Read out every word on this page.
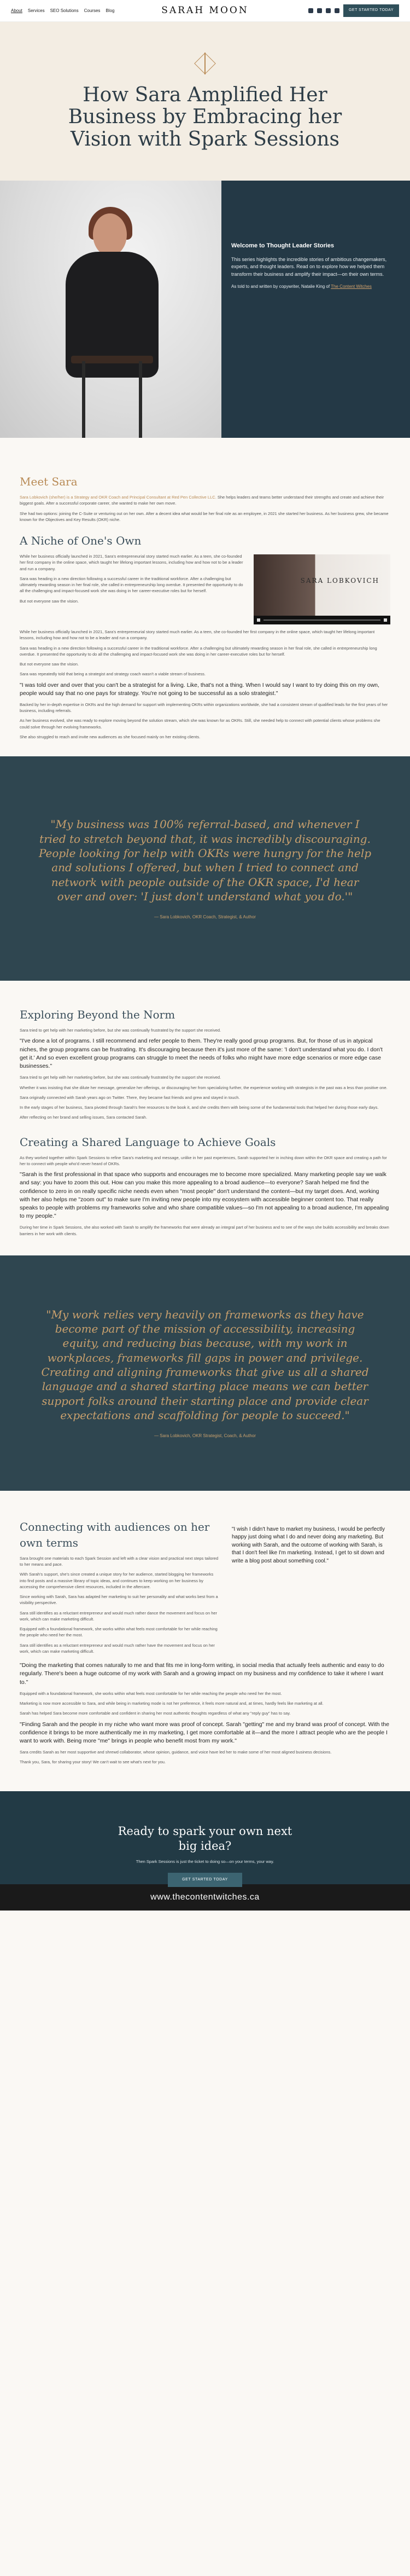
About Services SEO Solutions Courses Blog	SARAH MOON	GET STARTED TODAY
How Sara Amplified Her Business by Embracing her Vision with Spark Sessions
Welcome to Thought Leader Stories

This series highlights the incredible stories of ambitious changemakers, experts, and thought leaders. Read on to explore how we helped them transform their business and amplify their impact—on their own terms.

As told to and written by copywriter, Natalie King of The Content Witches

Meet Sara

Sara Lobkovich (she/her) is a Strategy and OKR Coach and Principal Consultant at Red Pen Collective LLC. She helps leaders and teams better understand their strengths and create and achieve their biggest goals. After a successful corporate career, she wanted to make her own move.

She had two options: joining the C-Suite or venturing out on her own. After a decent idea what would be her final role as an employee, in 2021 she started her business. As her business grew, she became known for the Objectives and Key Results (OKR) niche.

A Niche of One's Own

While her business officially launched in 2021, Sara's entrepreneurial story started much earlier. As a teen, she co-founded her first company in the online space, which taught her lifelong important lessons, including how and how not to be a leader and run a company.

Sara was heading in a new direction following a successful career in the traditional workforce. After a challenging but ultimately rewarding season in her final role, she called in entrepreneurship long overdue. It presented the opportunity to do all the challenging and impact-focused work she was doing in her career-executive roles but for herself.

But not everyone saw the vision.

SARA LOBKOVICH

While her business officially launched in 2021, Sara's entrepreneurial story started much earlier. As a teen, she co-founded her first company in the online space, which taught her lifelong important lessons, including how and how not to be a leader and run a company.

Sara was heading in a new direction following a successful career in the traditional workforce. After a challenging but ultimately rewarding season in her final role, she called in entrepreneurship long overdue. It presented the opportunity to do all the challenging and impact-focused work she was doing in her career-executive roles but for herself.

But not everyone saw the vision.

Sara was repeatedly told that being a strategist and strategy coach wasn't a viable stream of business.

"I was told over and over that you can't be a strategist for a living. Like, that's not a thing. When I would say I want to try doing this on my own, people would say that no one pays for strategy. You're not going to be successful as a solo strategist."

Backed by her in-depth expertise in OKRs and the high demand for support with implementing OKRs within organizations worldwide, she had a consistent stream of qualified leads for the first years of her business, including referrals.

As her business evolved, she was ready to explore moving beyond the solution stream, which she was known for as OKRs. Still, she needed help to connect with potential clients whose problems she could solve through her evolving frameworks.

She also struggled to reach and invite new audiences as she focused mainly on her existing clients.

"My business was 100% referral-based, and whenever I tried to stretch beyond that, it was incredibly discouraging. People looking for help with OKRs were hungry for the help and solutions I offered, but when I tried to connect and network with people outside of the OKR space, I'd hear over and over: 'I just don't understand what you do.'"

— Sara Lobkovich, OKR Coach, Strategist, & Author

Exploring Beyond the Norm

Sara tried to get help with her marketing before, but she was continually frustrated by the support she received.

"I've done a lot of programs. I still recommend and refer people to them. They're really good group programs. But, for those of us in atypical niches, the group programs can be frustrating. It's discouraging because then it's just more of the same: 'I don't understand what you do. I don't get it.' And so even excellent group programs can struggle to meet the needs of folks who might have more edge scenarios or more edge case businesses."

Sara tried to get help with her marketing before, but she was continually frustrated by the support she received.

Whether it was insisting that she dilute her message, generalize her offerings, or discouraging her from specializing further, the experience working with strategists in the past was a less than positive one.

Sara originally connected with Sarah years ago on Twitter. There, they became fast friends and grew and stayed in touch.

In the early stages of her business, Sara pivoted through Sarah's free resources to the book it, and she credits them with being some of the fundamental tools that helped her during those early days.

After reflecting on her brand and selling issues, Sara contacted Sarah.

Creating a Shared Language to Achieve Goals

As they worked together within Spark Sessions to refine Sara's marketing and message, unlike in her past experiences, Sarah supported her in inching down within the OKR space and creating a path for her to connect with people who'd never heard of OKRs.

"Sarah is the first professional in that space who supports and encourages me to become more specialized. Many marketing people say we walk and say: you have to zoom this out. How can you make this more appealing to a broad audience—to everyone? Sarah helped me find the confidence to zero in on really specific niche needs even when "most people" don't understand the content—but my target does. And, working with her also helps me "zoom out" to make sure I'm inviting new people into my ecosystem with accessible beginner content too. That really speaks to people with problems my frameworks solve and who share compatible values—so I'm not appealing to a broad audience, I'm appealing to my people."

During her time in Spark Sessions, she also worked with Sarah to amplify the frameworks that were already an integral part of her business and to see of the ways she builds accessibility and breaks down barriers in her work with clients.

"My work relies very heavily on frameworks as they have become part of the mission of accessibility, increasing equity, and reducing bias because, with my work in workplaces, frameworks fill gaps in power and privilege. Creating and aligning frameworks that give us all a shared language and a shared starting place means we can better support folks around their starting place and provide clear expectations and scaffolding for people to succeed."

— Sara Lobkovich, OKR Strategist, Coach, & Author

Connecting with audiences on her own terms

Sara brought one materials to each Spark Session and left with a clear vision and practical next steps tailored to her means and pace.

With Sarah's support, she's since created a unique story for her audience, started blogging her frameworks into find posts and a massive library of topic ideas, and continues to keep working on her business by accessing the comprehensive client resources, included in the aftercare.

Since working with Sarah, Sara has adapted her marketing to suit her personality and what works best from a visibility perspective.

Sara still identifies as a reluctant entrepreneur and would much rather dance the movement and focus on her work, which can make marketing difficult.

Equipped with a foundational framework, she works within what feels most comfortable for her while reaching the people who need her the most.

Sara still identifies as a reluctant entrepreneur and would much rather have the movement and focus on her work, which can make marketing difficult.

"I wish I didn't have to market my business, I would be perfectly happy just doing what I do and never doing any marketing. But working with Sarah, and the outcome of working with Sarah, is that I don't feel like I'm marketing. Instead, I get to sit down and write a blog post about something cool."

"Doing the marketing that comes naturally to me and that fits me in long-form writing, in social media that actually feels authentic and easy to do regularly. There's been a huge outcome of my work with Sarah and a growing impact on my business and my confidence to take it where I want to."

Equipped with a foundational framework, she works within what feels most comfortable for her while reaching the people who need her the most.

Marketing is now more accessible to Sara, and while being in marketing mode is not her preference, it feels more natural and, at times, hardly feels like marketing at all.

Sarah has helped Sara become more comfortable and confident in sharing her most authentic thoughts regardless of what any "reply guy" has to say.

"Finding Sarah and the people in my niche who want more was proof of concept. Sarah "getting" me and my brand was proof of concept. With the confidence it brings to be more authentically me in my marketing, I get more comfortable at it—and the more I attract people who are the people I want to work with. Being more "me" brings in people who benefit most from my work."

Sara credits Sarah as her most supportive and shrewd collaborator, whose opinion, guidance, and voice have led her to make some of her most aligned business decisions.

Thank you, Sara, for sharing your story! We can't wait to see what's next for you.

Ready to spark your own next big idea?

Then Spark Sessions is just the ticket to doing so—on your terms, your way.

GET STARTED TODAY
www.thecontentwitches.ca
